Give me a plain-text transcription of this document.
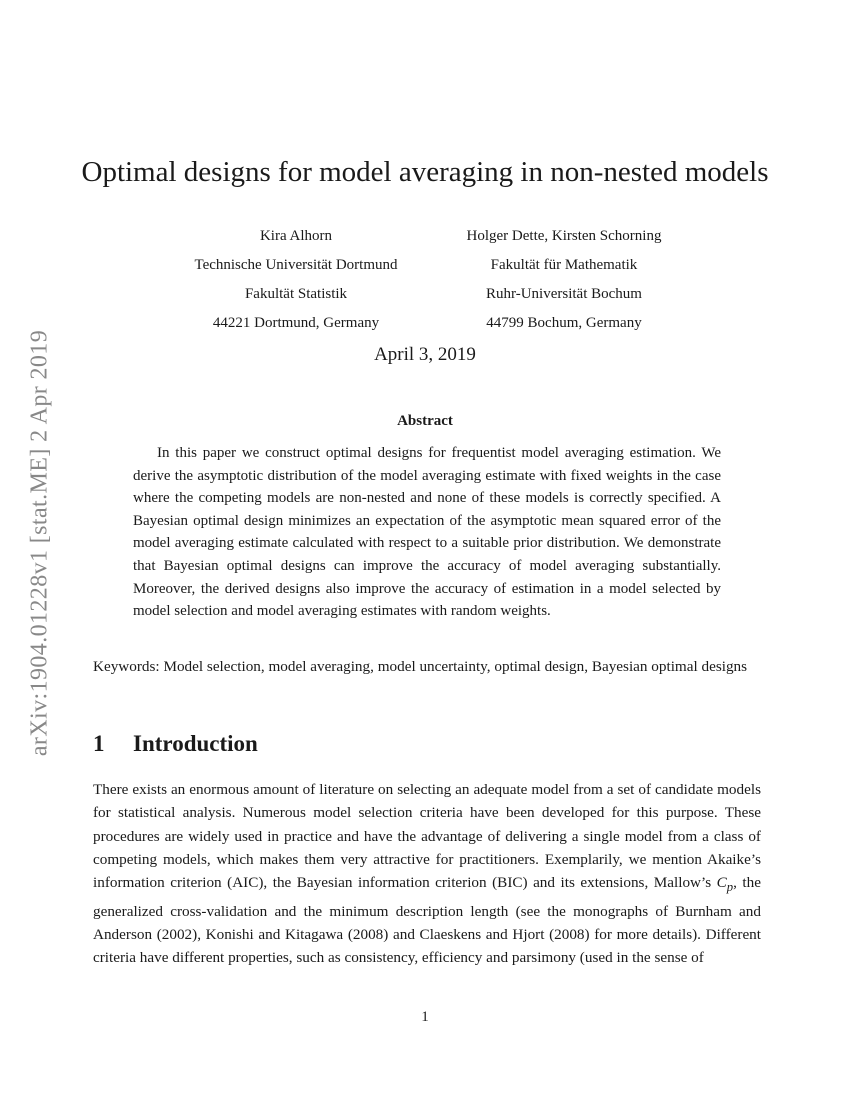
arXiv:1904.01228v1 [stat.ME] 2 Apr 2019
Optimal designs for model averaging in non-nested models
Kira Alhorn
Technische Universität Dortmund
Fakultät Statistik
44221 Dortmund, Germany
Holger Dette, Kirsten Schorning
Fakultät für Mathematik
Ruhr-Universität Bochum
44799 Bochum, Germany
April 3, 2019
Abstract

In this paper we construct optimal designs for frequentist model averaging estimation. We derive the asymptotic distribution of the model averaging estimate with fixed weights in the case where the competing models are non-nested and none of these models is correctly specified. A Bayesian optimal design minimizes an expectation of the asymptotic mean squared error of the model averaging estimate calculated with respect to a suitable prior distribution. We demonstrate that Bayesian optimal designs can improve the accuracy of model averaging substantially. Moreover, the derived designs also improve the accuracy of estimation in a model selected by model selection and model averaging estimates with random weights.

Keywords: Model selection, model averaging, model uncertainty, optimal design, Bayesian optimal designs

1 Introduction

There exists an enormous amount of literature on selecting an adequate model from a set of candidate models for statistical analysis. Numerous model selection criteria have been developed for this purpose. These procedures are widely used in practice and have the advantage of delivering a single model from a class of competing models, which makes them very attractive for practitioners. Exemplarily, we mention Akaike’s information criterion (AIC), the Bayesian information criterion (BIC) and its extensions, Mallow’s $C_p$, the generalized cross-validation and the minimum description length (see the monographs of Burnham and Anderson (2002), Konishi and Kitagawa (2008) and Claeskens and Hjort (2008) for more details). Different criteria have different properties, such as consistency, efficiency and parsimony (used in the sense of

1
